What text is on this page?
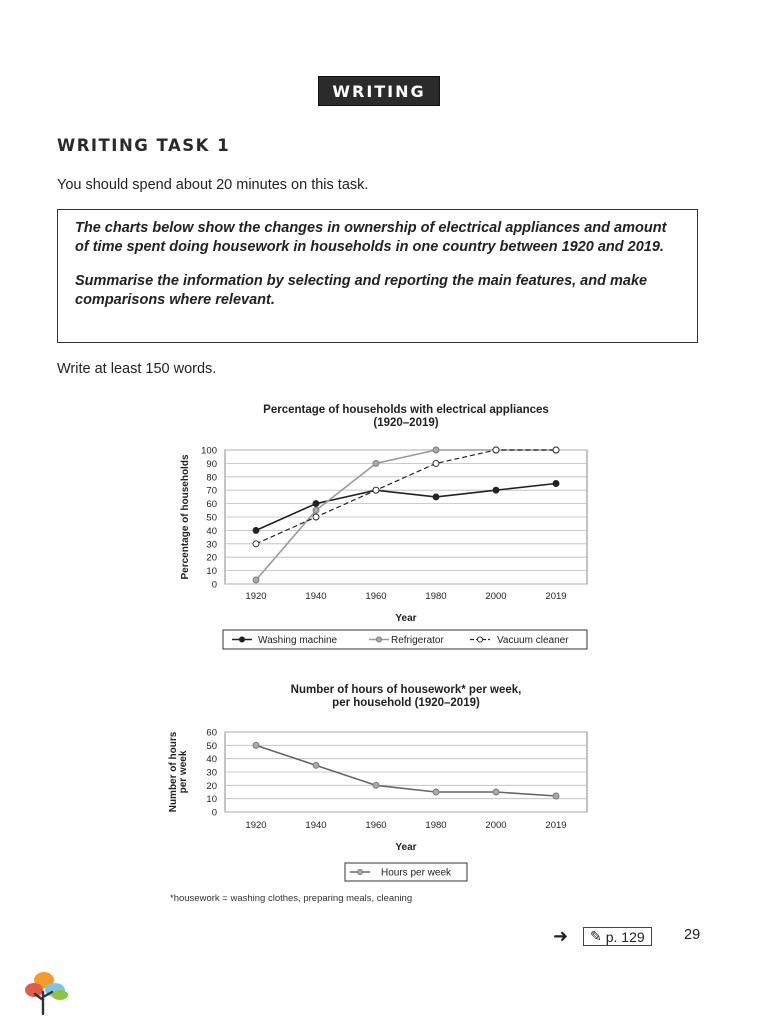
WRITING
WRITING TASK 1
You should spend about 20 minutes on this task.

The charts below show the changes in ownership of electrical appliances and amount of time spent doing housework in households in one country between 1920 and 2019.

Summarise the information by selecting and reporting the main features, and make comparisons where relevant.

Write at least 150 words.
Percentage of households with electrical appliances
(1920–2019)
0
10
20
30
40
50
60
70
80
90
100
1920	1940	1960	1980	2000	2019
Year
Percentage of households
Washing machine	Refrigerator	Vacuum cleaner
Number of hours of housework* per week,
per household (1920–2019)
0
10
20
30
40
50
60
1920	1940	1960	1980	2000	2019
Year
Number of hours per week
Hours per week
*housework = washing clothes, preparing meals, cleaning
➜	✎ p. 129	29
